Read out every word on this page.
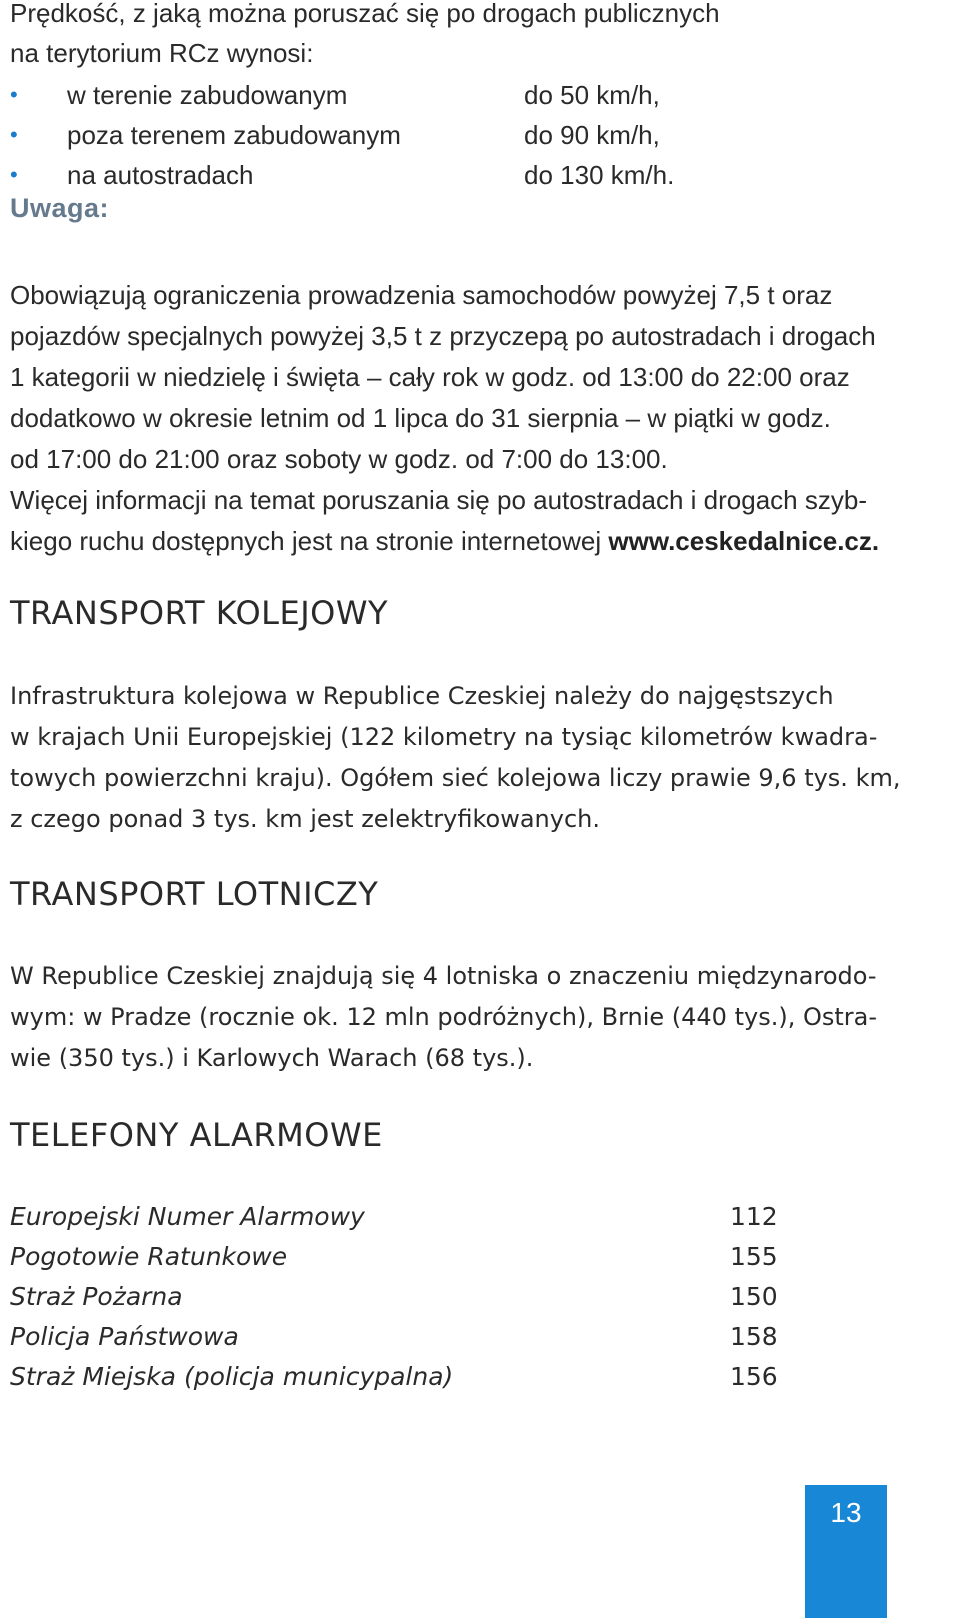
Prędkość, z jaką można poruszać się po drogach publicznych

na terytorium RCz wynosi:

•	w terenie zabudowanym	do 50 km/h,
•	poza terenem zabudowanym	do 90 km/h,
•	na autostradach	do 130 km/h.
Uwaga:

Obowiązują ograniczenia prowadzenia samochodów powyżej 7,5 t oraz

pojazdów specjalnych powyżej 3,5 t z przyczepą po autostradach i drogach

1 kategorii w niedzielę i święta – cały rok w godz. od 13:00 do 22:00 oraz

dodatkowo w okresie letnim od 1 lipca do 31 sierpnia – w piątki w godz.

od 17:00 do 21:00 oraz soboty w godz. od 7:00 do 13:00.

Więcej informacji na temat poruszania się po autostradach i drogach szyb-

kiego ruchu dostępnych jest na stronie internetowej www.ceskedalnice.cz.

TRANSPORT KOLEJOWY

Infrastruktura kolejowa w Republice Czeskiej należy do najgęstszych

w krajach Unii Europejskiej (122 kilometry na tysiąc kilometrów kwadra-

towych powierzchni kraju). Ogółem sieć kolejowa liczy prawie 9,6 tys. km,

z czego ponad 3 tys. km jest zelektryfikowanych.

TRANSPORT LOTNICZY

W Republice Czeskiej znajdują się 4 lotniska o znaczeniu międzynarodo-

wym: w Pradze (rocznie ok. 12 mln podróżnych), Brnie (440 tys.), Ostra-

wie (350 tys.) i Karlowych Warach (68 tys.).

TELEFONY ALARMOWE
Europejski Numer Alarmowy	112
Pogotowie Ratunkowe	155
Straż Pożarna	150
Policja Państwowa	158
Straż Miejska (policja municypalna)	156
13
